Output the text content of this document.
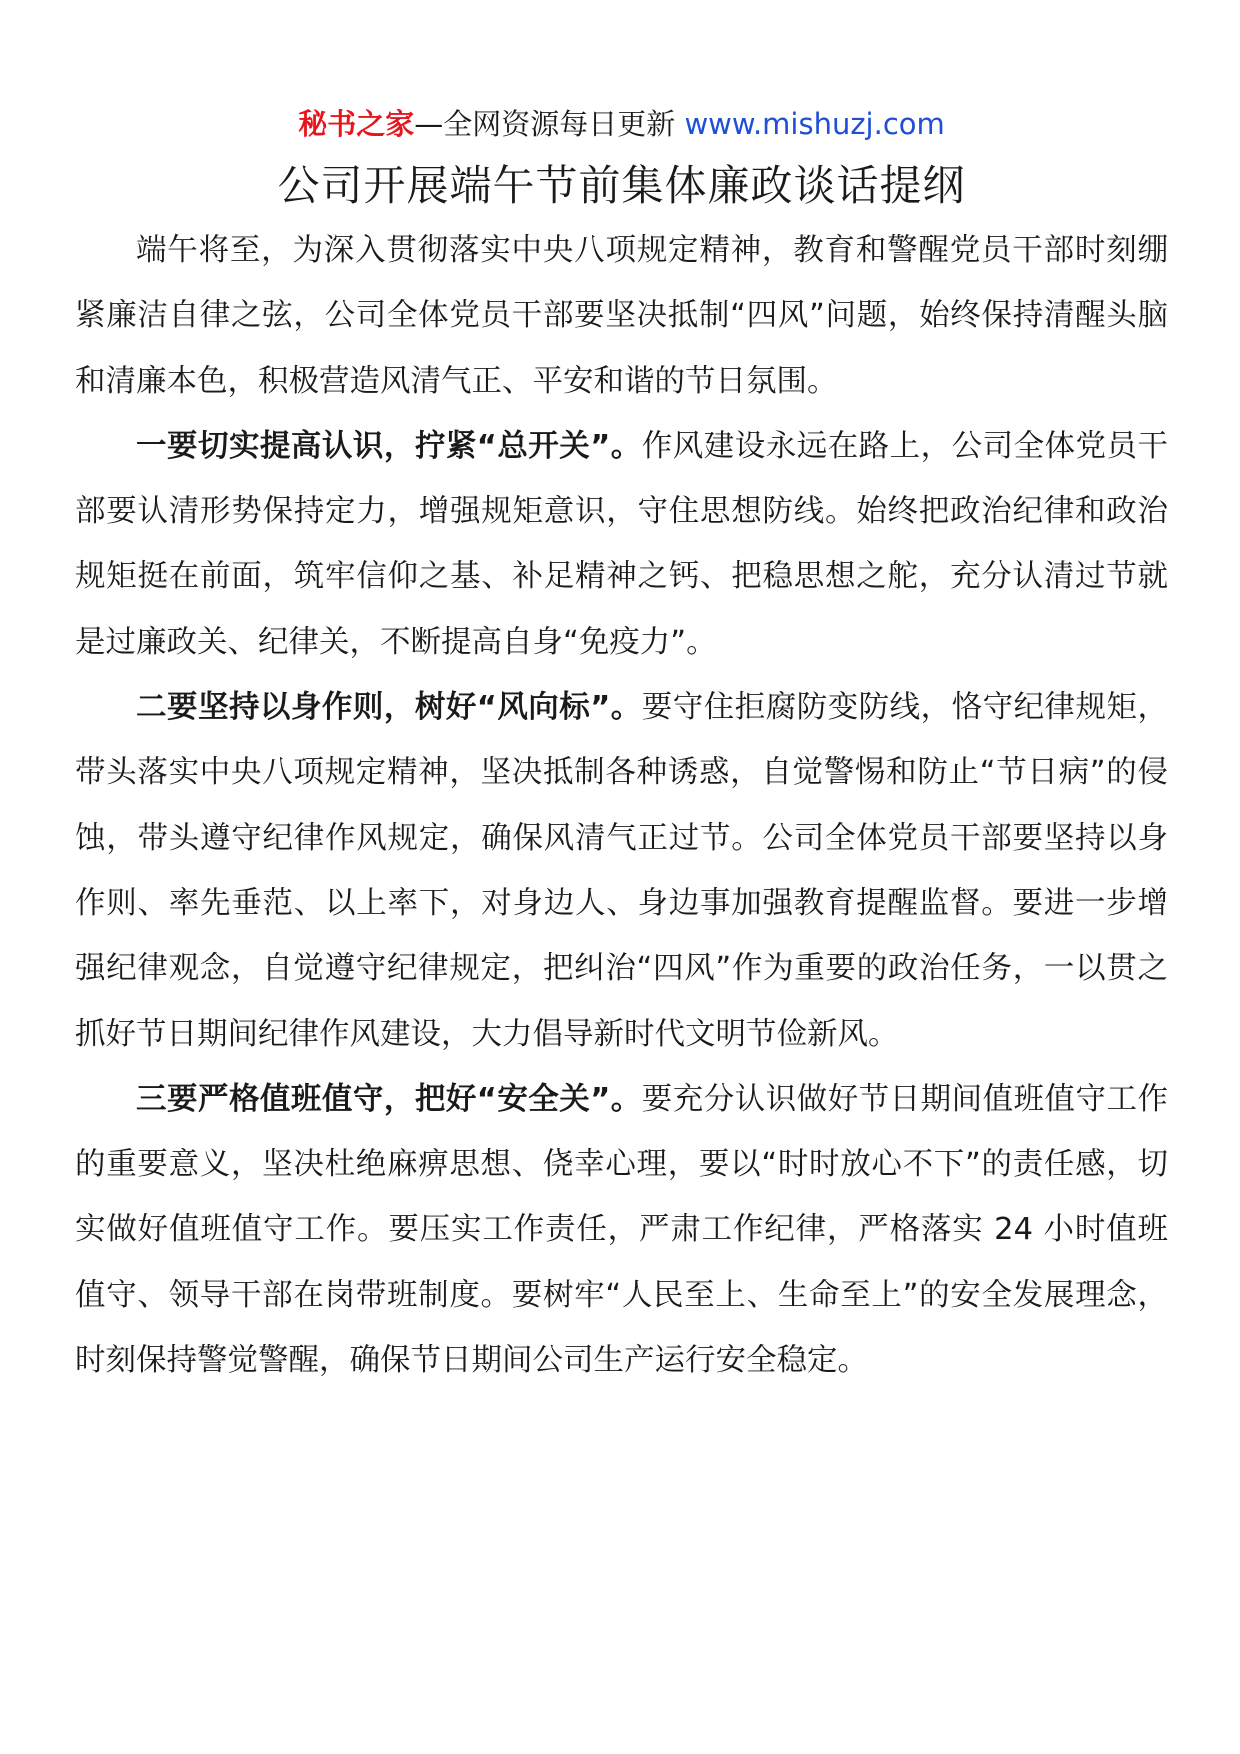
秘书之家—全网资源每日更新 www.mishuzj.com
公司开展端午节前集体廉政谈话提纲

端午将至，为深入贯彻落实中央八项规定精神，教育和警醒党员干部时刻绷紧廉洁自律之弦，公司全体党员干部要坚决抵制“四风”问题，始终保持清醒头脑和清廉本色，积极营造风清气正、平安和谐的节日氛围。

一要切实提高认识，拧紧“总开关”。作风建设永远在路上，公司全体党员干部要认清形势保持定力，增强规矩意识，守住思想防线。始终把政治纪律和政治规矩挺在前面，筑牢信仰之基、补足精神之钙、把稳思想之舵，充分认清过节就是过廉政关、纪律关，不断提高自身“免疫力”。

二要坚持以身作则，树好“风向标”。要守住拒腐防变防线，恪守纪律规矩，带头落实中央八项规定精神，坚决抵制各种诱惑，自觉警惕和防止“节日病”的侵蚀，带头遵守纪律作风规定，确保风清气正过节。公司全体党员干部要坚持以身作则、率先垂范、以上率下，对身边人、身边事加强教育提醒监督。要进一步增强纪律观念，自觉遵守纪律规定，把纠治“四风”作为重要的政治任务，一以贯之抓好节日期间纪律作风建设，大力倡导新时代文明节俭新风。

三要严格值班值守，把好“安全关”。要充分认识做好节日期间值班值守工作的重要意义，坚决杜绝麻痹思想、侥幸心理，要以“时时放心不下”的责任感，切实做好值班值守工作。要压实工作责任，严肃工作纪律，严格落实 24 小时值班值守、领导干部在岗带班制度。要树牢“人民至上、生命至上”的安全发展理念，时刻保持警觉警醒，确保节日期间公司生产运行安全稳定。
